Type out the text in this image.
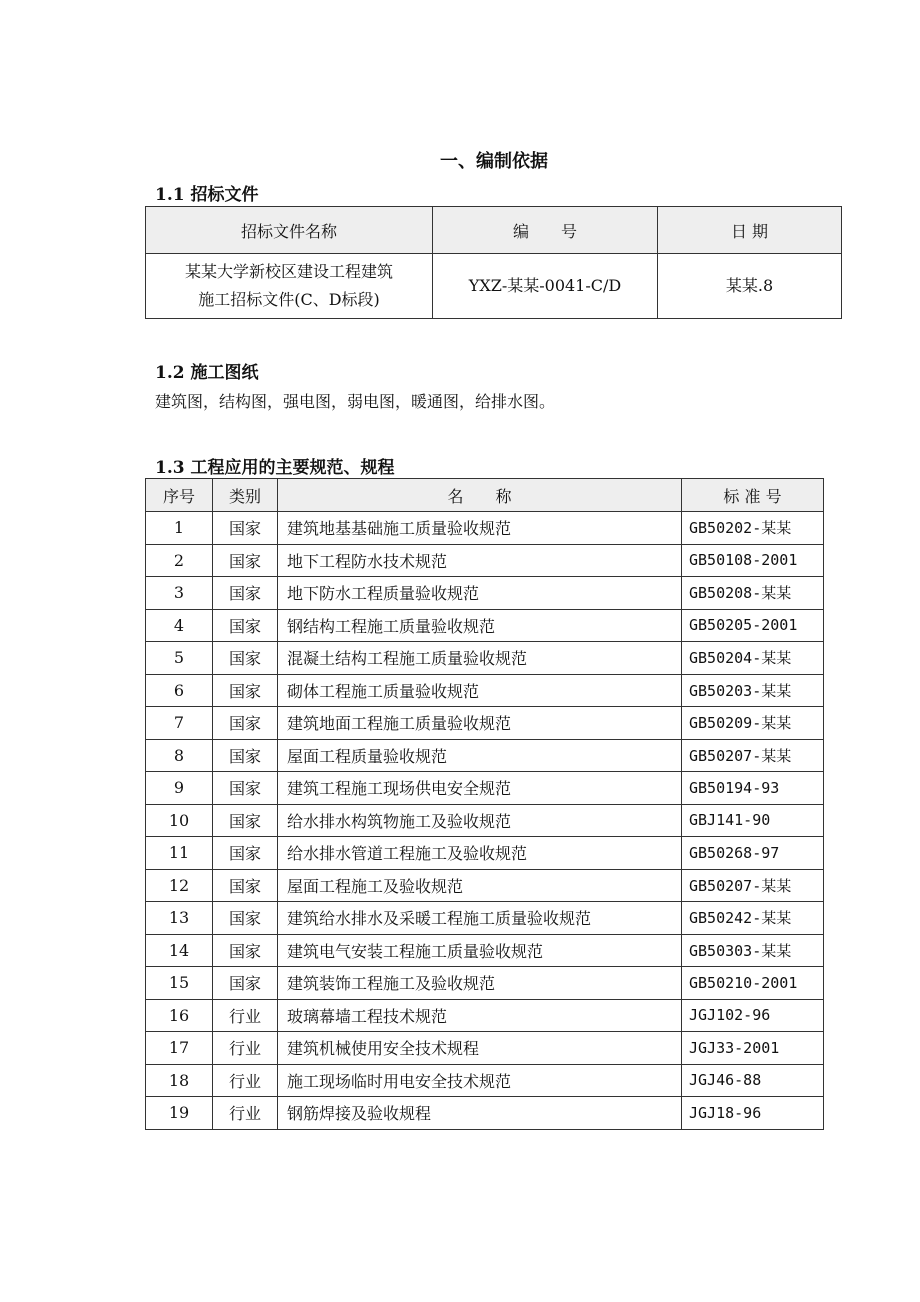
一、编制依据
1.1 招标文件
招标文件名称	编　　号	日 期

某某大学新校区建设工程建筑
施工招标文件(C、D标段)	YXZ-某某-0041-C/D	某某.8
1.2 施工图纸
建筑图，结构图，强电图，弱电图，暖通图，给排水图。
1.3 工程应用的主要规范、规程
序号	类别	名　　称	标 准 号
1	国家	建筑地基基础施工质量验收规范	GB50202-某某
2	国家	地下工程防水技术规范	GB50108-2001
3	国家	地下防水工程质量验收规范	GB50208-某某
4	国家	钢结构工程施工质量验收规范	GB50205-2001
5	国家	混凝土结构工程施工质量验收规范	GB50204-某某
6	国家	砌体工程施工质量验收规范	GB50203-某某
7	国家	建筑地面工程施工质量验收规范	GB50209-某某
8	国家	屋面工程质量验收规范	GB50207-某某
9	国家	建筑工程施工现场供电安全规范	GB50194-93
10	国家	给水排水构筑物施工及验收规范	GBJ141-90
11	国家	给水排水管道工程施工及验收规范	GB50268-97
12	国家	屋面工程施工及验收规范	GB50207-某某
13	国家	建筑给水排水及采暖工程施工质量验收规范	GB50242-某某
14	国家	建筑电气安装工程施工质量验收规范	GB50303-某某
15	国家	建筑装饰工程施工及验收规范	GB50210-2001
16	行业	玻璃幕墙工程技术规范	JGJ102-96
17	行业	建筑机械使用安全技术规程	JGJ33-2001
18	行业	施工现场临时用电安全技术规范	JGJ46-88
19	行业	钢筋焊接及验收规程	JGJ18-96
